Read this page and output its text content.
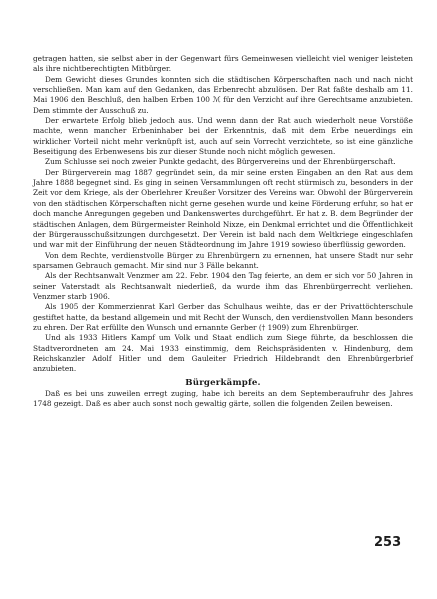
getragen hatten, sie selbst aber in der Gegenwart fürs Gemeinwesen vielleicht viel weniger leisteten als ihre nichtberechtigten Mitbürger.

Dem Gewicht dieses Grundes konnten sich die städtischen Körperschaften nach und nach nicht verschließen. Man kam auf den Gedanken, das Erbenrecht abzulösen. Der Rat faßte deshalb am 11. Mai 1906 den Beschluß, den halben Erben 100 ℳ für den Verzicht auf ihre Gerechtsame anzubieten. Dem stimmte der Ausschuß zu.

Der erwartete Erfolg blieb jedoch aus. Und wenn dann der Rat auch wiederholt neue Vorstöße machte, wenn mancher Erbeninhaber bei der Erkenntnis, daß mit dem Erbe neuerdings ein wirklicher Vorteil nicht mehr verknüpft ist, auch auf sein Vorrecht verzichtete, so ist eine gänzliche Beseitigung des Erbenwesens bis zur dieser Stunde noch nicht möglich gewesen.

Zum Schlusse sei noch zweier Punkte gedacht, des Bürgervereins und der Ehrenbürgerschaft.

Der Bürgerverein mag 1887 gegründet sein, da mir seine ersten Eingaben an den Rat aus dem Jahre 1888 begegnet sind. Es ging in seinen Versammlungen oft recht stürmisch zu, besonders in der Zeit vor dem Kriege, als der Oberlehrer Kreußer Vorsitzer des Vereins war. Obwohl der Bürgerverein von den städtischen Körperschaften nicht gerne gesehen wurde und keine Förderung erfuhr, so hat er doch manche Anregungen gegeben und Dankenswertes durchgeführt. Er hat z. B. dem Begründer der städtischen Anlagen, dem Bürgermeister Reinhold Nixze, ein Denkmal errichtet und die Öffentlichkeit der Bürgerausschußsitzungen durchgesetzt. Der Verein ist bald nach dem Weltkriege eingeschlafen und war mit der Einführung der neuen Städteordnung im Jahre 1919 sowieso überflüssig geworden.

Von dem Rechte, verdienstvolle Bürger zu Ehrenbürgern zu ernennen, hat unsere Stadt nur sehr sparsamen Gebrauch gemacht. Mir sind nur 3 Fälle bekannt.

Als der Rechtsanwalt Venzmer am 22. Febr. 1904 den Tag feierte, an dem er sich vor 50 Jahren in seiner Vaterstadt als Rechtsanwalt niederließ, da wurde ihm das Ehrenbürgerrecht verliehen. Venzmer starb 1906.

Als 1905 der Kommerzienrat Karl Gerber das Schulhaus weihte, das er der Privattöchterschule gestiftet hatte, da bestand allgemein und mit Recht der Wunsch, den verdienstvollen Mann besonders zu ehren. Der Rat erfüllte den Wunsch und ernannte Gerber († 1909) zum Ehrenbürger.

Und als 1933 Hitlers Kampf um Volk und Staat endlich zum Siege führte, da beschlossen die Stadtverordneten am 24. Mai 1933 einstimmig, dem Reichspräsidenten v. Hindenburg, dem Reichskanzler Adolf Hitler und dem Gauleiter Friedrich Hildebrandt den Ehrenbürgerbrief anzubieten.

Bürgerkämpfe.

Daß es bei uns zuweilen erregt zuging, habe ich bereits an dem Septemberaufruhr des Jahres 1748 gezeigt. Daß es aber auch sonst noch gewaltig gärte, sollen die folgenden Zeilen beweisen.

253
